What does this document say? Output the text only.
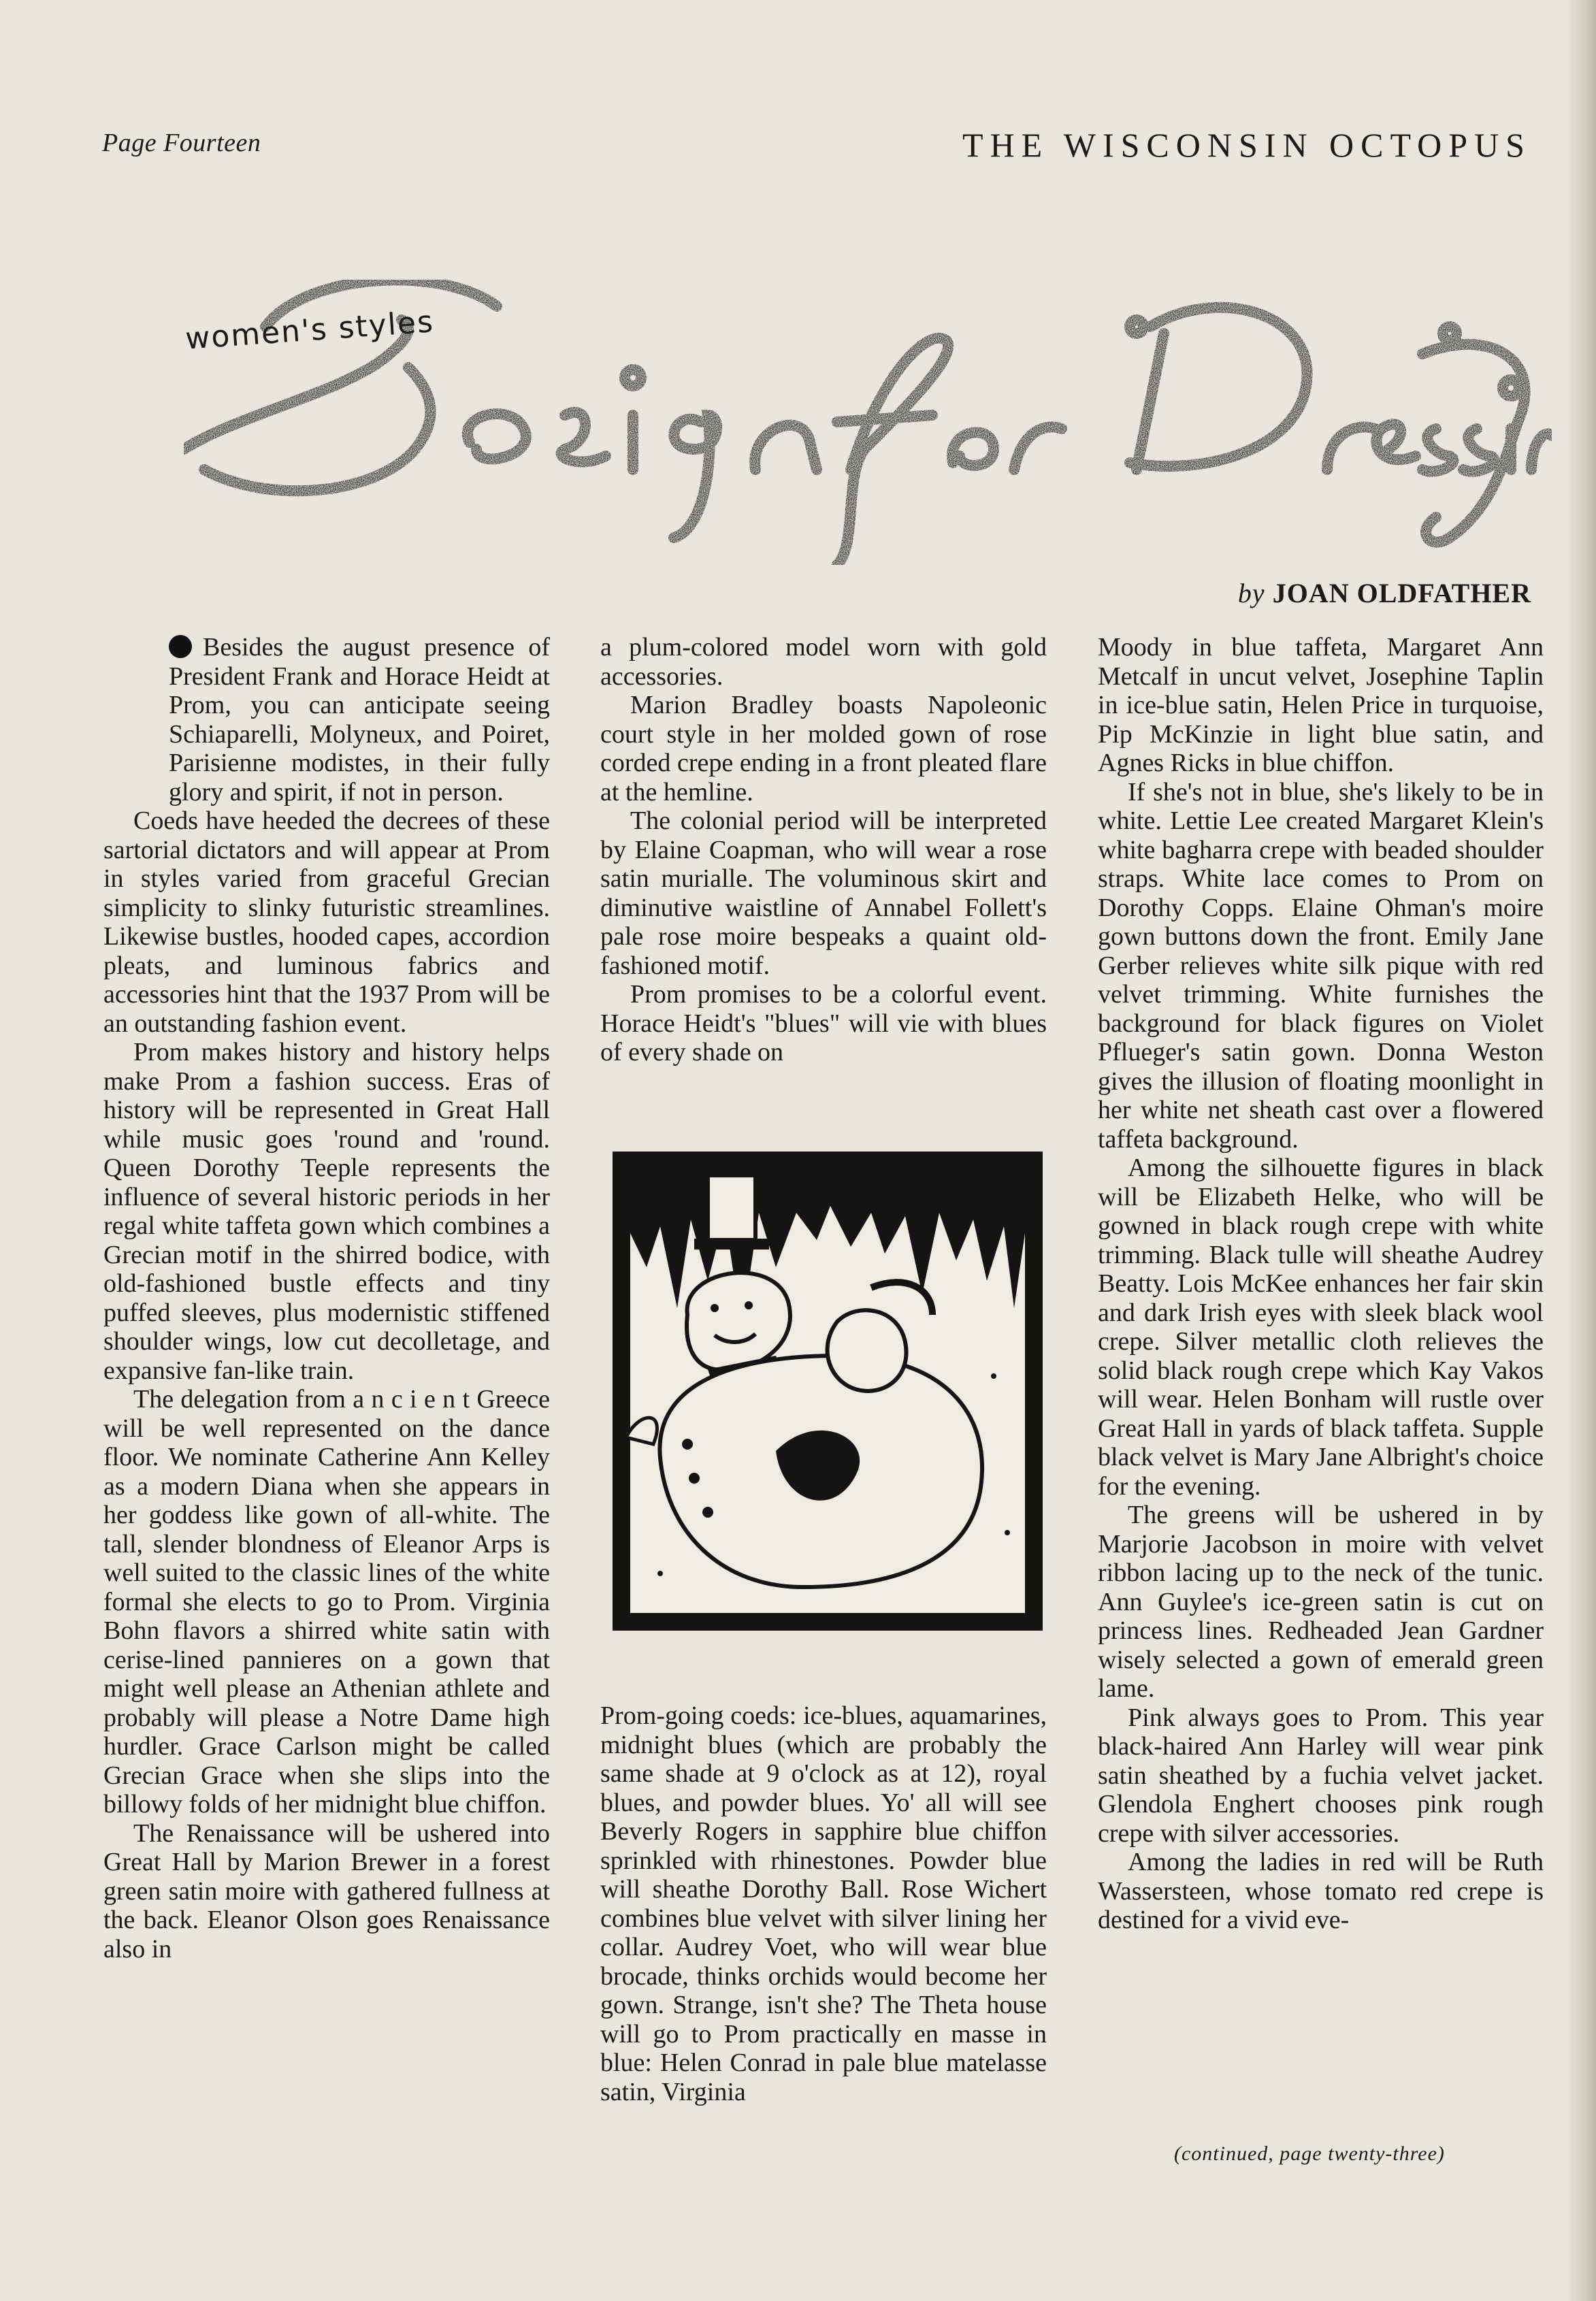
Page Fourteen	THE WISCONSIN OCTOPUS
women's styles
by JOAN OLDFATHER

Besides the august presence of President Frank and Horace Heidt at Prom, you can anticipate seeing Schiaparelli, Molyneux, and Poiret, Parisienne modistes, in their fully glory and spirit, if not in person.

Coeds have heeded the decrees of these sartorial dictators and will appear at Prom in styles varied from graceful Grecian simplicity to slinky futuristic streamlines. Likewise bustles, hooded capes, accordion pleats, and luminous fabrics and accessories hint that the 1937 Prom will be an outstanding fashion event.

Prom makes history and history helps make Prom a fashion success. Eras of history will be represented in Great Hall while music goes 'round and 'round. Queen Dorothy Teeple represents the influence of several historic periods in her regal white taffeta gown which combines a Grecian motif in the shirred bodice, with old-fashioned bustle effects and tiny puffed sleeves, plus modernistic stiffened shoulder wings, low cut decolletage, and expansive fan-like train.

The delegation from a n c i e n t Greece will be well represented on the dance floor. We nominate Catherine Ann Kelley as a modern Diana when she appears in her goddess like gown of all-white. The tall, slender blondness of Eleanor Arps is well suited to the classic lines of the white formal she elects to go to Prom. Virginia Bohn flavors a shirred white satin with cerise-lined pannieres on a gown that might well please an Athenian athlete and probably will please a Notre Dame high hurdler. Grace Carlson might be called Grecian Grace when she slips into the billowy folds of her midnight blue chiffon.

The Renaissance will be ushered into Great Hall by Marion Brewer in a forest green satin moire with gathered fullness at the back. Eleanor Olson goes Renaissance also in

a plum-colored model worn with gold accessories.

Marion Bradley boasts Napoleonic court style in her molded gown of rose corded crepe ending in a front pleated flare at the hemline.

The colonial period will be interpreted by Elaine Coapman, who will wear a rose satin murialle. The voluminous skirt and diminutive waistline of Annabel Follett's pale rose moire bespeaks a quaint old-fashioned motif.

Prom promises to be a colorful event. Horace Heidt's "blues" will vie with blues of every shade on

Prom-going coeds: ice-blues, aquamarines, midnight blues (which are probably the same shade at 9 o'clock as at 12), royal blues, and powder blues. Yo' all will see Beverly Rogers in sapphire blue chiffon sprinkled with rhinestones. Powder blue will sheathe Dorothy Ball. Rose Wichert combines blue velvet with silver lining her collar. Audrey Voet, who will wear blue brocade, thinks orchids would become her gown. Strange, isn't she? The Theta house will go to Prom practically en masse in blue: Helen Conrad in pale blue matelasse satin, Virginia

Moody in blue taffeta, Margaret Ann Metcalf in uncut velvet, Josephine Taplin in ice-blue satin, Helen Price in turquoise, Pip McKinzie in light blue satin, and Agnes Ricks in blue chiffon.

If she's not in blue, she's likely to be in white. Lettie Lee created Margaret Klein's white bagharra crepe with beaded shoulder straps. White lace comes to Prom on Dorothy Copps. Elaine Ohman's moire gown buttons down the front. Emily Jane Gerber relieves white silk pique with red velvet trimming. White furnishes the background for black figures on Violet Pflueger's satin gown. Donna Weston gives the illusion of floating moonlight in her white net sheath cast over a flowered taffeta background.

Among the silhouette figures in black will be Elizabeth Helke, who will be gowned in black rough crepe with white trimming. Black tulle will sheathe Audrey Beatty. Lois McKee enhances her fair skin and dark Irish eyes with sleek black wool crepe. Silver metallic cloth relieves the solid black rough crepe which Kay Vakos will wear. Helen Bonham will rustle over Great Hall in yards of black taffeta. Supple black velvet is Mary Jane Albright's choice for the evening.

The greens will be ushered in by Marjorie Jacobson in moire with velvet ribbon lacing up to the neck of the tunic. Ann Guylee's ice-green satin is cut on princess lines. Redheaded Jean Gardner wisely selected a gown of emerald green lame.

Pink always goes to Prom. This year black-haired Ann Harley will wear pink satin sheathed by a fuchia velvet jacket. Glendola Enghert chooses pink rough crepe with silver accessories.

Among the ladies in red will be Ruth Wassersteen, whose tomato red crepe is destined for a vivid eve-

(continued, page twenty-three)
